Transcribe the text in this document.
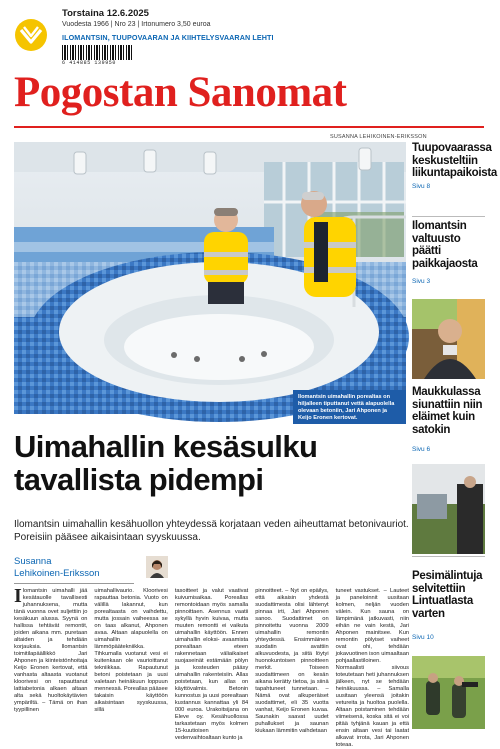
Torstaina 12.6.2025
Vuodesta 1966 | Nro 23 | Irtonumero 3,50 euroa
ILOMANTSIN, TUUPOVAARAN JA KIIHTELYSVAARAN LEHTI
6 414885 139950
Pogostan Sanomat
SUSANNA LEHIKOINEN-ERIKSSON
Ilomantsin uimahallin porealtas on hiljalleen tiputtanut vettä alapuolella olevaan betoniin, Jari Ahponen ja Keijo Eronen kertovat.
Uimahallin kesäsulku
tavallista pidempi
Ilomantsin uimahallin kesähuollon yhteydessä korjataan veden aiheuttamat betonivauriot. Poreisiin pääsee aikaisintaan syyskuussa.
Susanna
Lehikoinen-Eriksson
I lomantsin uimahalli jää kesätauolle tavallisesti juhannuksena, mutta tänä vuonna ovet suljettiin jo kesäkuun alussa. Syynä on hallissa tehtävät remontit, joiden aikana mm. puretaan altaiden ja tehdään korjauksia. Ilomantsin toimitilapäällikkö Jari Ahponen ja kiinteistönhoitaja Keijo Eronen kertovat, että vanhasta altaasta vuotanut kloorivesi on rapauttanut lattiabetonia alkaen altaan alta sekä huoltokäytävien ympäriltä. – Tämä on ihan tyypillinen
uimahallivaurio. Kloorivesi rapauttaa betonia. Vuoto on välillä lakannut, kun porealtaasta on vaihdettu, mutta jossain vaiheessa se on taas alkanut, Ahponen avaa. Altaan alapuolella on uimahallin lämmöpäätekniikka. Tihkumalla vuotanut vesi ei kuitenkaan ole vaurioittanut tekniikkaa. Rapautunut betoni poistetaan ja uusi valetaan heinäkuun loppuun mennessä. Poreallas pääsee takaisin käyttöön aikaisintaan syyskuussa, sillä
tasoitteet ja valut vaativat kuivumisaikaa. Poreallas remontoidaan myös samalla pinnoittaen. Asennus vaatii sykyllä hyvin kuivaa, mutta muuten remontti ei vaikuta uimahallin käyttöön. Ennen uimahallin eloksi- avaamista porealtaan eteen rakennetaan väliaikaiset suojaseinät estämään pölyn ja kosteuden pääsy uimahallin rakenteisiin. Allas poistetaan, kun allas on käyttövalmis. Betonin kunnostus ja uusi porealtaan kustannus kannattaa yli 84 000 euroa. Urakoitsijana on Eleve oy. Kesähuollossa tarkastetaan myös kolmen 15-kuutioisen vedenvaihtoaltaan kunto ja
pinnoitteet. – Nyt on epäilys, että aikaisin yhdestä suodattimesta olisi lähtenyt pinnaa irti, Jari Ahponen sanoo. Suodattimet on pinnoitettu vuonna 2009 uimahallin remontin yhteydessä. Ensimmäinen suodatin avattiin alkuvuodesta, ja siitä löytyi huonokuntoisen pinnoitteen merkit. Toiseen suodattimeen on kesän aikana kerätty tietoa, ja siinä tapahtuneet tunnetaan. – Nämä ovat alkuperäiset suodattimet, eli 35 vuotta vanhat, Keijo Eronen kuvaa. Saunakin saavat uudet puhallukset ja saunan kiukaan lämmitin vaihdetaan
tuneet vastukset. – Lauteet ja paneloinnit uusitaan kolmen, neljän vuoden välein. Kun sauna on lämpimänä jatkuvasti, niin eihän ne vain kestä, Jari Ahponen mainitsee. Kun remontin pölyiset vaiheet ovat ohi, tehdään jokavuotinen ison uimaaltaan pohjaallastiloinen. Normaalisti siivous toteutetaan heti juhannuksen jälkeen, nyt se tehdään heinäkuussa. – Samalla uusitaan yleensä joitakin vetureita ja huoltoa puolella. Altaan poistaminen tehdään viimeisenä, koska sitä ei voi pitää tyhjänä kauan ja että ensin altaan vesi tai laatat alkavat irrota, Jari Ahponen toteaa.
Tuupovaarassa keskusteltiin liikuntapaikoista
Sivu 8
Ilomantsin valtuusto päätti paikkajaosta
Sivu 3
Maukkulassa siunattiin niin eläimet kuin satokin
Sivu 6
Pesimälintuja selvitettiin Lintuatlasta varten
Sivu 10
